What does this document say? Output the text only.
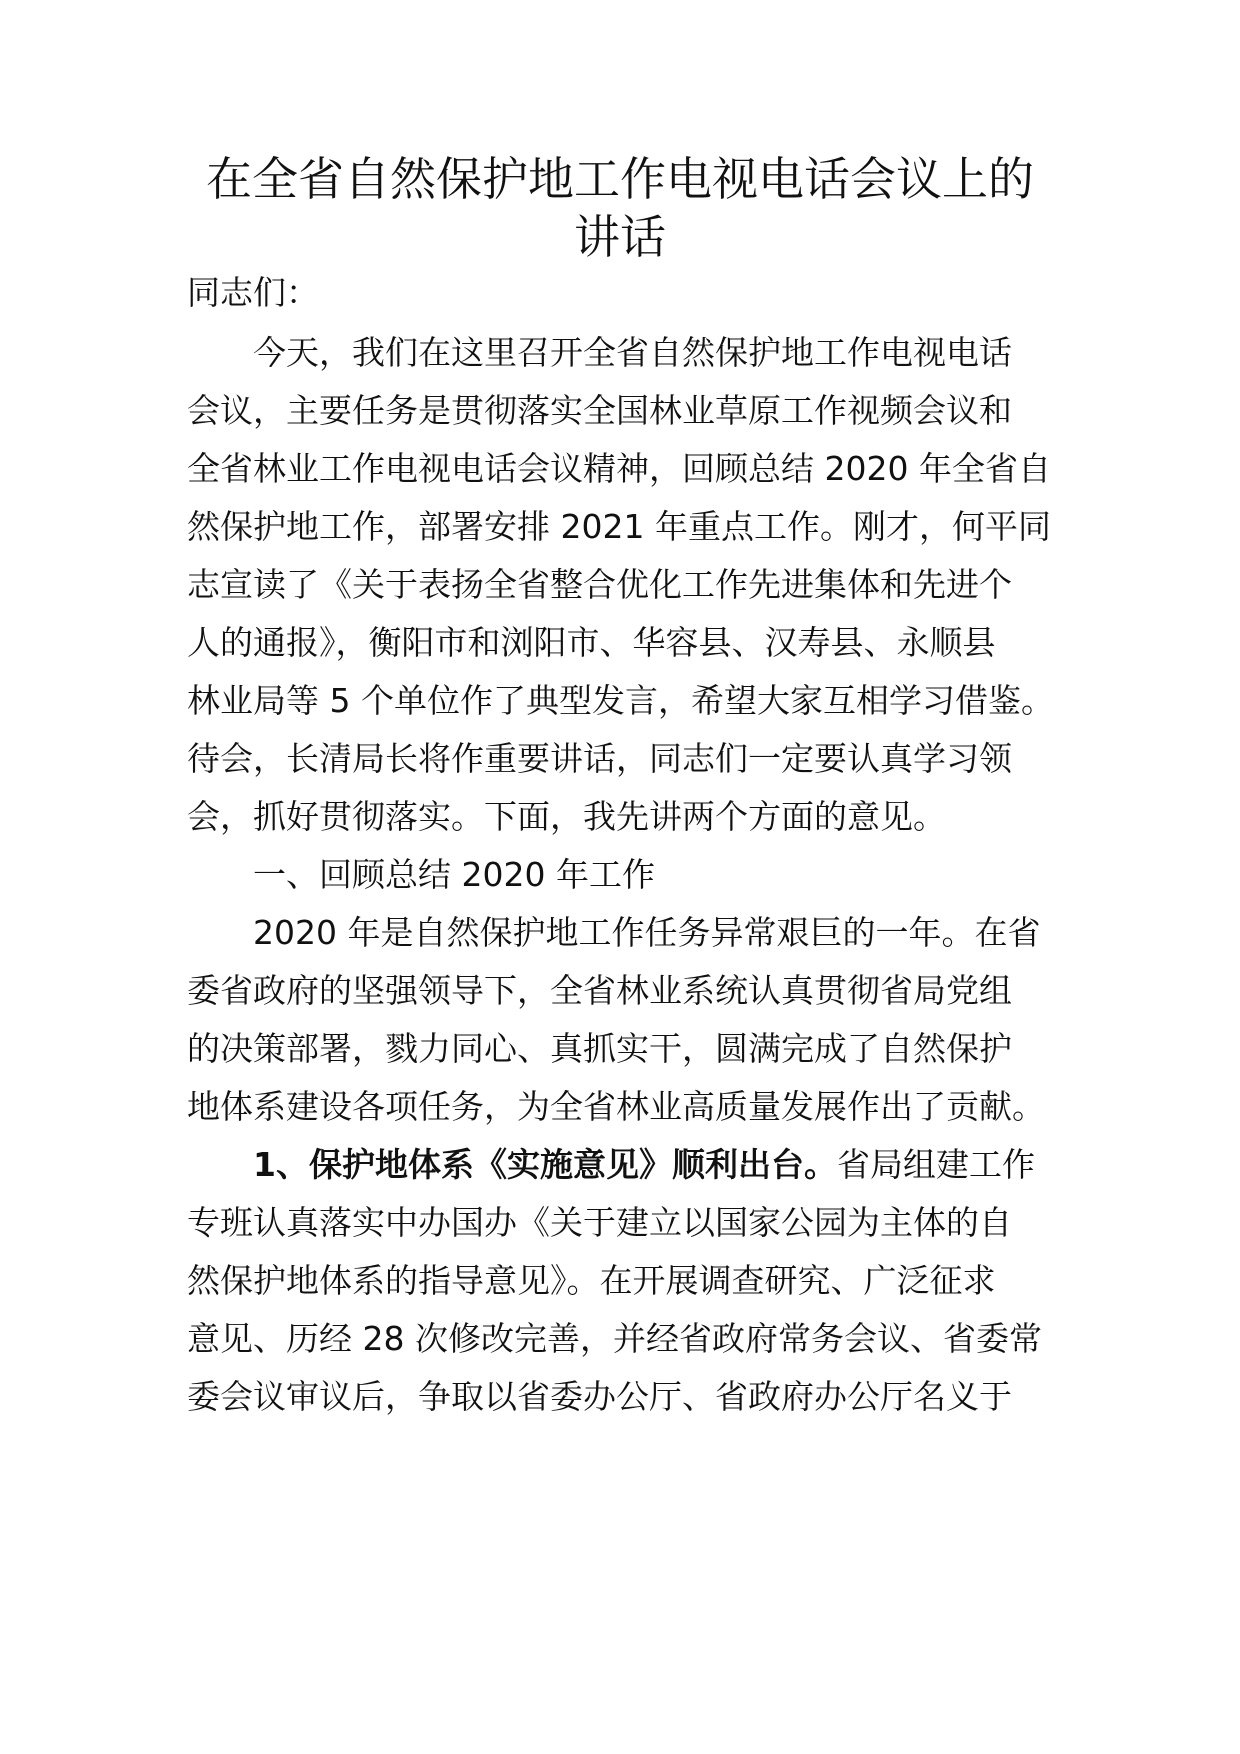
在全省自然保护地工作电视电话会议上的
讲话

同志们：

今天，我们在这里召开全省自然保护地工作电视电话

会议，主要任务是贯彻落实全国林业草原工作视频会议和

全省林业工作电视电话会议精神，回顾总结 2020 年全省自

然保护地工作，部署安排 2021 年重点工作。刚才，何平同

志宣读了《关于表扬全省整合优化工作先进集体和先进个

人的通报》，衡阳市和浏阳市、华容县、汉寿县、永顺县

林业局等 5 个单位作了典型发言，希望大家互相学习借鉴。

待会，长清局长将作重要讲话，同志们一定要认真学习领

会，抓好贯彻落实。下面，我先讲两个方面的意见。

一、回顾总结 2020 年工作

2020 年是自然保护地工作任务异常艰巨的一年。在省

委省政府的坚强领导下，全省林业系统认真贯彻省局党组

的决策部署，戮力同心、真抓实干，圆满完成了自然保护

地体系建设各项任务，为全省林业高质量发展作出了贡献。

1、保护地体系《实施意见》顺利出台。省局组建工作

专班认真落实中办国办《关于建立以国家公园为主体的自

然保护地体系的指导意见》。在开展调查研究、广泛征求

意见、历经 28 次修改完善，并经省政府常务会议、省委常

委会议审议后，争取以省委办公厅、省政府办公厅名义于
